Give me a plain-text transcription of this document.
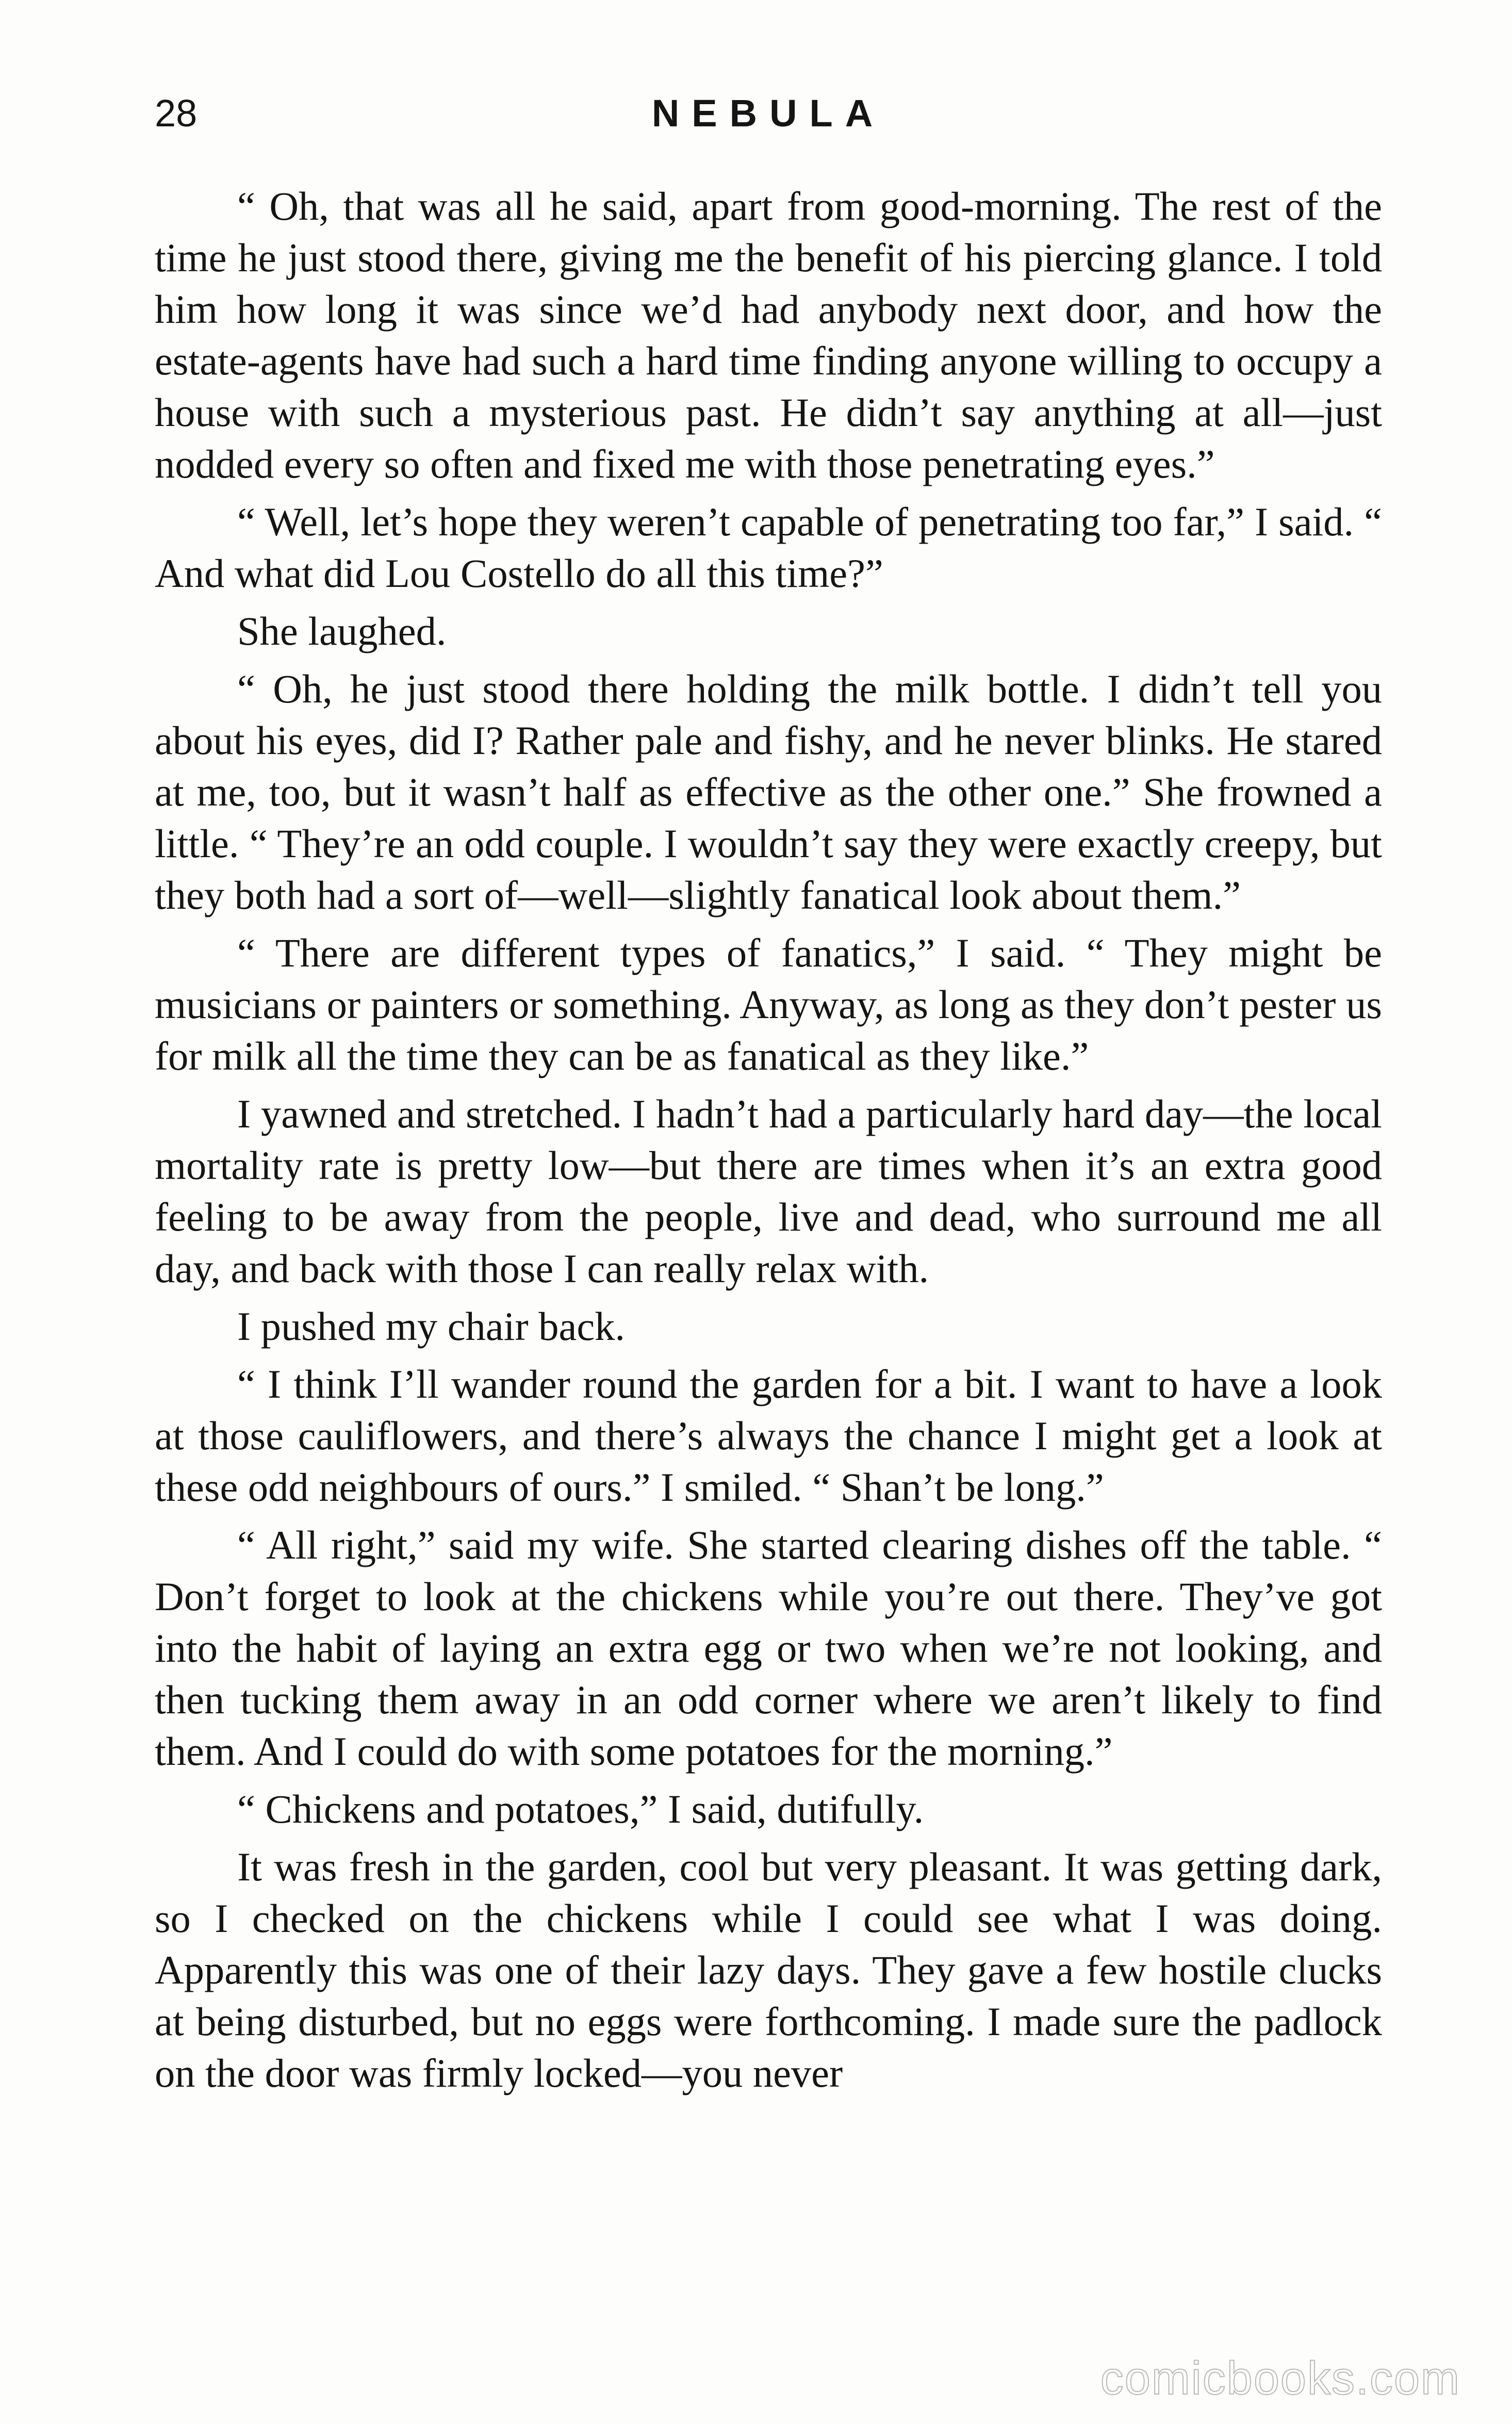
28	NEBULA

“ Oh, that was all he said, apart from good-morning. The rest of the time he just stood there, giving me the benefit of his piercing glance. I told him how long it was since we’d had anybody next door, and how the estate-agents have had such a hard time finding anyone willing to occupy a house with such a mysterious past. He didn’t say anything at all—just nodded every so often and fixed me with those penetrating eyes.”

“ Well, let’s hope they weren’t capable of penetrating too far,” I said. “ And what did Lou Costello do all this time?”

She laughed.

“ Oh, he just stood there holding the milk bottle. I didn’t tell you about his eyes, did I? Rather pale and fishy, and he never blinks. He stared at me, too, but it wasn’t half as effective as the other one.” She frowned a little. “ They’re an odd couple. I wouldn’t say they were exactly creepy, but they both had a sort of—well—slightly fanatical look about them.”

“ There are different types of fanatics,” I said. “ They might be musicians or painters or something. Anyway, as long as they don’t pester us for milk all the time they can be as fanatical as they like.”

I yawned and stretched. I hadn’t had a particularly hard day—the local mortality rate is pretty low—but there are times when it’s an extra good feeling to be away from the people, live and dead, who surround me all day, and back with those I can really relax with.

I pushed my chair back.

“ I think I’ll wander round the garden for a bit. I want to have a look at those cauliflowers, and there’s always the chance I might get a look at these odd neighbours of ours.” I smiled. “ Shan’t be long.”

“ All right,” said my wife. She started clearing dishes off the table. “ Don’t forget to look at the chickens while you’re out there. They’ve got into the habit of laying an extra egg or two when we’re not looking, and then tucking them away in an odd corner where we aren’t likely to find them. And I could do with some potatoes for the morning.”

“ Chickens and potatoes,” I said, dutifully.

It was fresh in the garden, cool but very pleasant. It was getting dark, so I checked on the chickens while I could see what I was doing. Apparently this was one of their lazy days. They gave a few hostile clucks at being disturbed, but no eggs were forthcoming. I made sure the padlock on the door was firmly locked—you never

comicbooks.com
